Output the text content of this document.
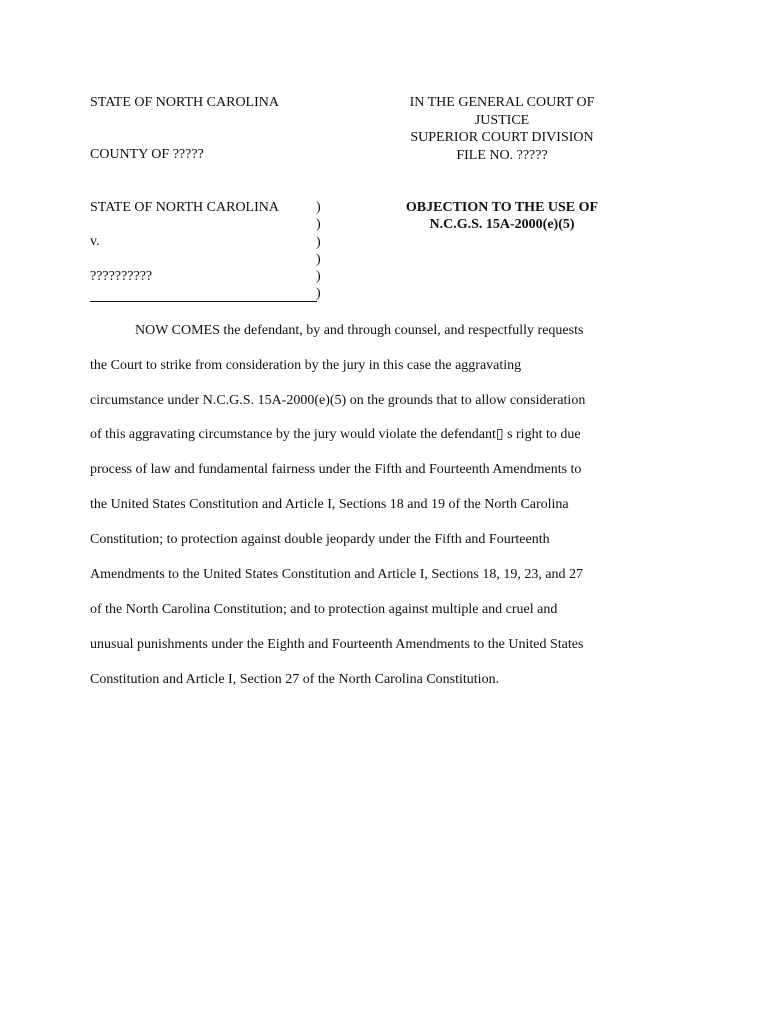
STATE OF NORTH CAROLINA
COUNTY OF ?????
IN THE GENERAL COURT OF
JUSTICE
SUPERIOR COURT DIVISION
FILE NO. ?????
STATE OF NORTH CAROLINA
v.
??????????
)
)
)
)
)
)
OBJECTION TO THE USE OF
N.C.G.S. 15A-2000(e)(5)
NOW COMES the defendant, by and through counsel, and respectfully requests
the Court to strike from consideration by the jury in this case the aggravating
circumstance under N.C.G.S. 15A-2000(e)(5) on the grounds that to allow consideration
of this aggravating circumstance by the jury would violate the defendant▯ s right to due
process of law and fundamental fairness under the Fifth and Fourteenth Amendments to
the United States Constitution and Article I, Sections 18 and 19 of the North Carolina
Constitution; to protection against double jeopardy under the Fifth and Fourteenth
Amendments to the United States Constitution and Article I, Sections 18, 19, 23, and 27
of the North Carolina Constitution; and to protection against multiple and cruel and
unusual punishments under the Eighth and Fourteenth Amendments to the United States
Constitution and Article I, Section 27 of the North Carolina Constitution.
